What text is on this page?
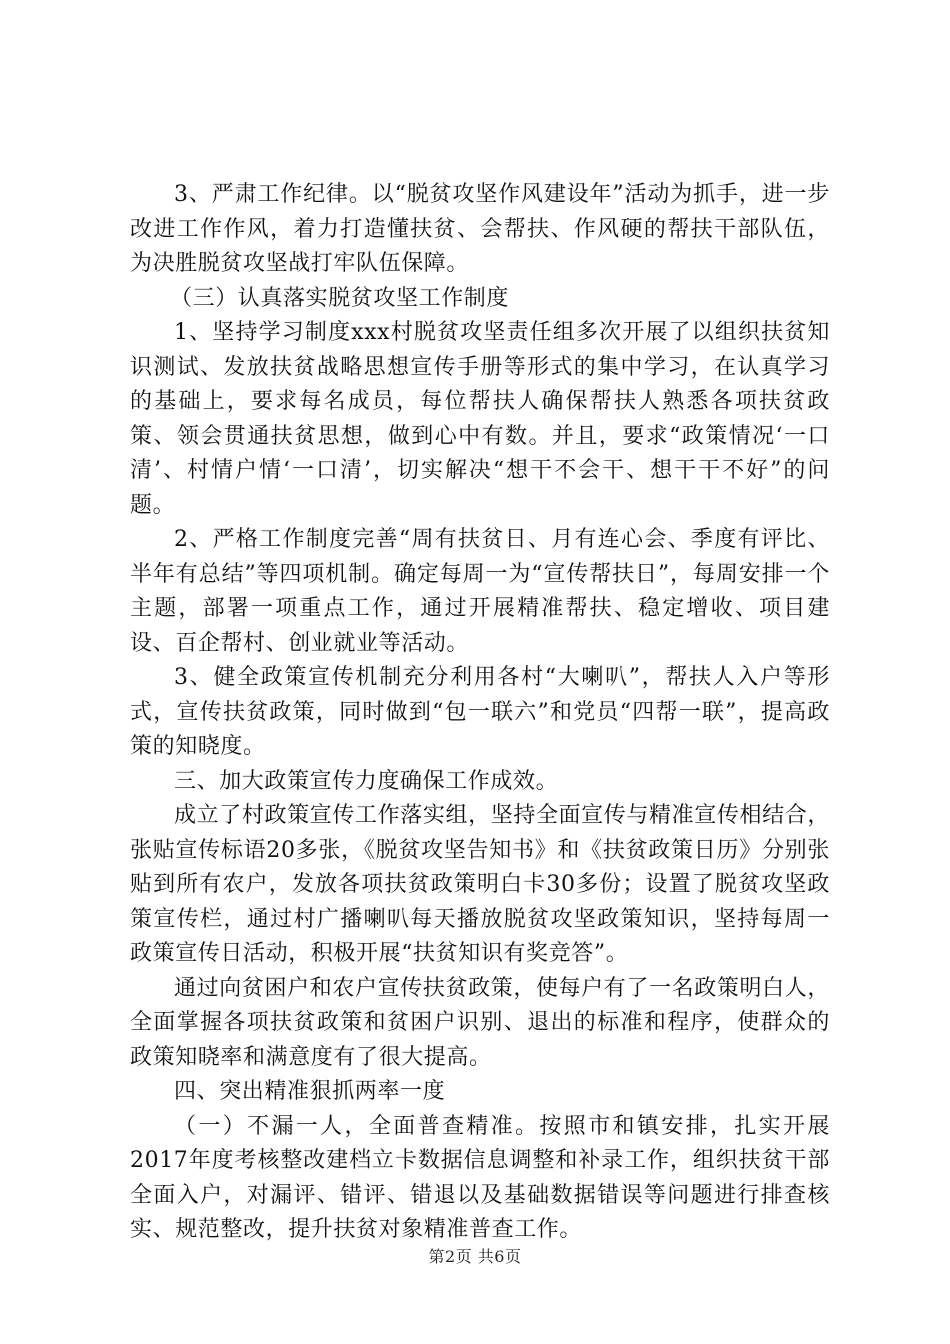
3、严肃工作纪律。以“脱贫攻坚作风建设年”活动为抓手，进一步改进工作作风，着力打造懂扶贫、会帮扶、作风硬的帮扶干部队伍，为决胜脱贫攻坚战打牢队伍保障。

（三）认真落实脱贫攻坚工作制度

1、坚持学习制度xxx村脱贫攻坚责任组多次开展了以组织扶贫知识测试、发放扶贫战略思想宣传手册等形式的集中学习，在认真学习的基础上，要求每名成员，每位帮扶人确保帮扶人熟悉各项扶贫政策、领会贯通扶贫思想，做到心中有数。并且，要求“政策情况‘一口清’、村情户情‘一口清’，切实解决“想干不会干、想干干不好”的问题。

2、严格工作制度完善“周有扶贫日、月有连心会、季度有评比、半年有总结”等四项机制。确定每周一为“宣传帮扶日”，每周安排一个主题，部署一项重点工作，通过开展精准帮扶、稳定增收、项目建设、百企帮村、创业就业等活动。

3、健全政策宣传机制充分利用各村“大喇叭”，帮扶人入户等形式，宣传扶贫政策，同时做到“包一联六”和党员“四帮一联”，提高政策的知晓度。

三、加大政策宣传力度确保工作成效。

成立了村政策宣传工作落实组，坚持全面宣传与精准宣传相结合，张贴宣传标语20多张，《脱贫攻坚告知书》和《扶贫政策日历》分别张贴到所有农户，发放各项扶贫政策明白卡30多份；设置了脱贫攻坚政策宣传栏，通过村广播喇叭每天播放脱贫攻坚政策知识，坚持每周一政策宣传日活动，积极开展“扶贫知识有奖竞答”。

通过向贫困户和农户宣传扶贫政策，使每户有了一名政策明白人，全面掌握各项扶贫政策和贫困户识别、退出的标准和程序，使群众的政策知晓率和满意度有了很大提高。

四、突出精准狠抓两率一度

（一）不漏一人，全面普查精准。按照市和镇安排，扎实开展2017年度考核整改建档立卡数据信息调整和补录工作，组织扶贫干部全面入户，对漏评、错评、错退以及基础数据错误等问题进行排查核实、规范整改，提升扶贫对象精准普查工作。

第2页 共6页
